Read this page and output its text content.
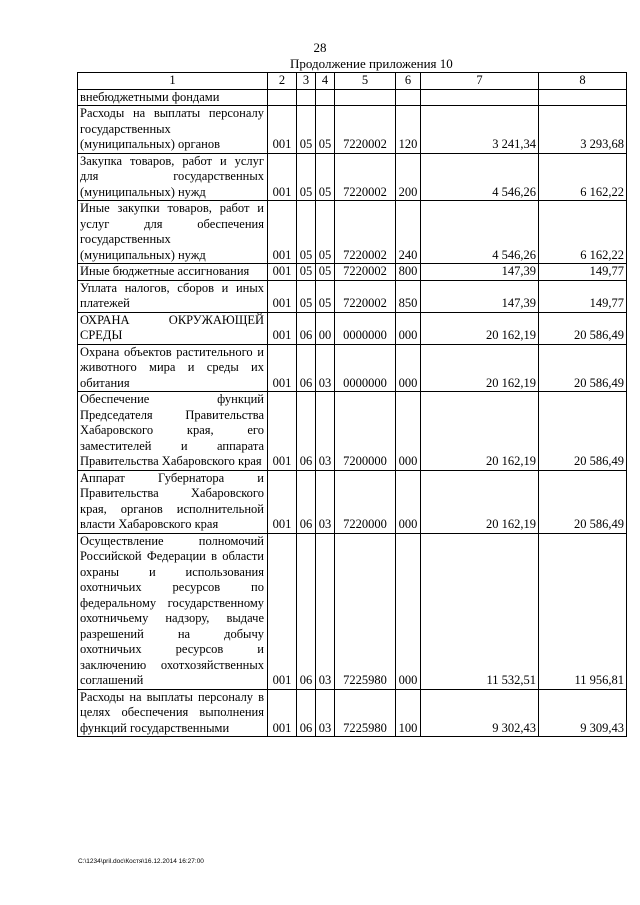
28
Продолжение приложения 10
1	2	3	4	5	6	7	8
внебюджетными фондами							
Расходы на выплаты персоналу государственных (муниципальных) органов	001	05	05	7220002	120	3 241,34	3 293,68
Закупка товаров, работ и услуг для государственных (муниципальных) нужд	001	05	05	7220002	200	4 546,26	6 162,22
Иные закупки товаров, работ и услуг для обеспечения государственных (муниципальных) нужд	001	05	05	7220002	240	4 546,26	6 162,22
Иные бюджетные ассигнования	001	05	05	7220002	800	147,39	149,77
Уплата налогов, сборов и иных платежей	001	05	05	7220002	850	147,39	149,77
ОХРАНА ОКРУЖАЮЩЕЙ СРЕДЫ	001	06	00	0000000	000	20 162,19	20 586,49
Охрана объектов растительного и животного мира и среды их обитания	001	06	03	0000000	000	20 162,19	20 586,49
Обеспечение функций Председателя Правительства Хабаровского края, его заместителей и аппарата Правительства Хабаровского края	001	06	03	7200000	000	20 162,19	20 586,49
Аппарат Губернатора и Правительства Хабаровского края, органов исполнительной власти Хабаровского края	001	06	03	7220000	000	20 162,19	20 586,49
Осуществление полномочий Российской Федерации в области охраны и использования охотничьих ресурсов по федеральному государственному охотничьему надзору, выдаче разрешений на добычу охотничьих ресурсов и заключению охотхозяйственных соглашений	001	06	03	7225980	000	11 532,51	11 956,81
Расходы на выплаты персоналу в целях обеспечения выполнения функций государственными	001	06	03	7225980	100	9 302,43	9 309,43
C:\1234\pril.doc\Костя\16.12.2014 16:27:00
